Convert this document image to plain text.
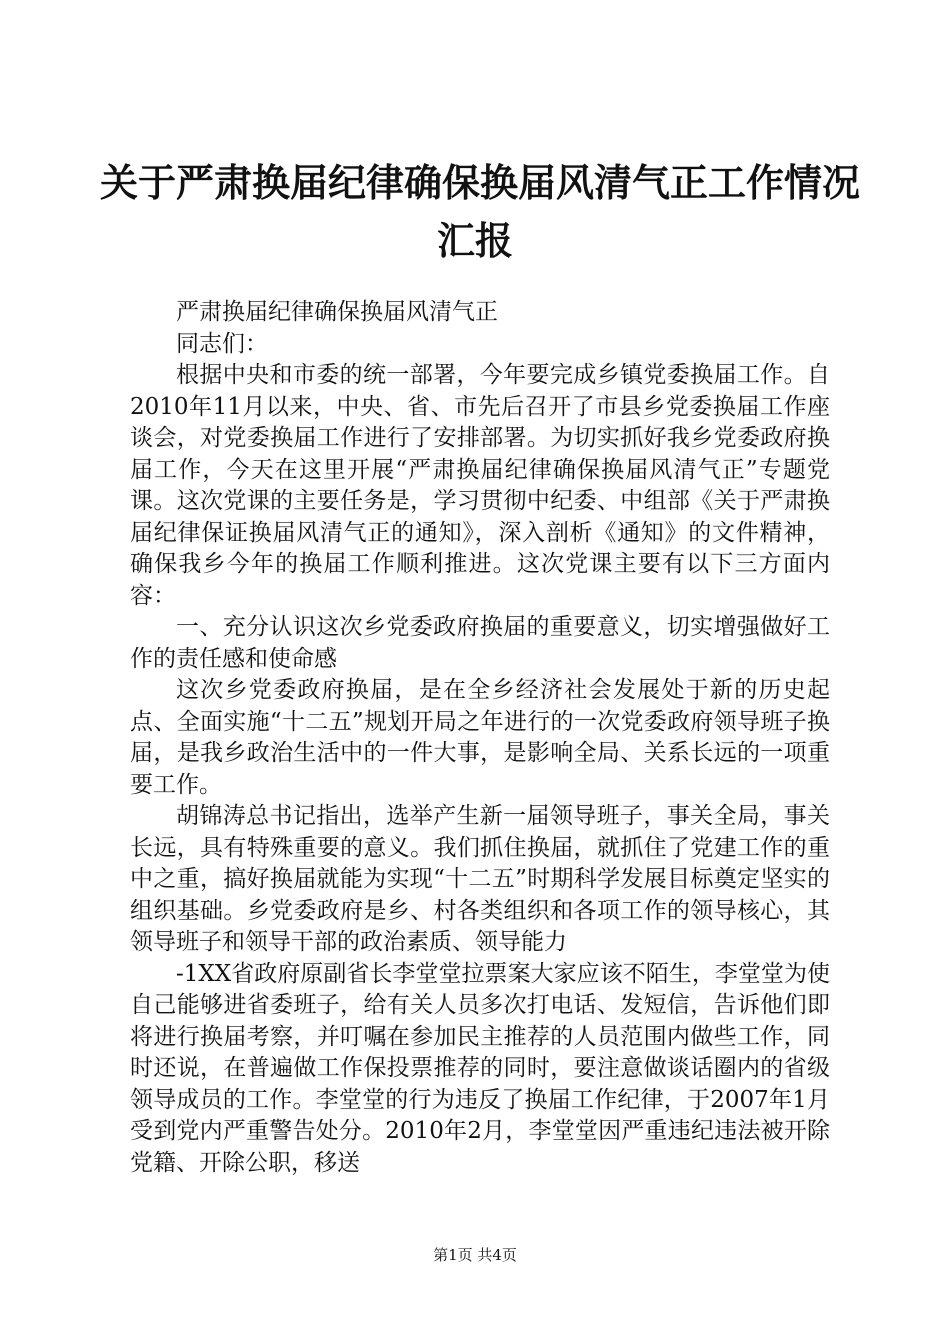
关于严肃换届纪律确保换届风清气正工作情况
汇报

严肃换届纪律确保换届风清气正

同志们：

根据中央和市委的统一部署，今年要完成乡镇党委换届工作。自2010年11月以来，中央、省、市先后召开了市县乡党委换届工作座谈会，对党委换届工作进行了安排部署。为切实抓好我乡党委政府换届工作，今天在这里开展“严肃换届纪律确保换届风清气正”专题党课。这次党课的主要任务是，学习贯彻中纪委、中组部《关于严肃换届纪律保证换届风清气正的通知》，深入剖析《通知》的文件精神，确保我乡今年的换届工作顺利推进。这次党课主要有以下三方面内容：

一、充分认识这次乡党委政府换届的重要意义，切实增强做好工作的责任感和使命感

这次乡党委政府换届，是在全乡经济社会发展处于新的历史起点、全面实施“十二五”规划开局之年进行的一次党委政府领导班子换届，是我乡政治生活中的一件大事，是影响全局、关系长远的一项重要工作。

胡锦涛总书记指出，选举产生新一届领导班子，事关全局，事关长远，具有特殊重要的意义。我们抓住换届，就抓住了党建工作的重中之重，搞好换届就能为实现“十二五”时期科学发展目标奠定坚实的组织基础。乡党委政府是乡、村各类组织和各项工作的领导核心，其领导班子和领导干部的政治素质、领导能力

-1XX省政府原副省长李堂堂拉票案大家应该不陌生，李堂堂为使自己能够进省委班子，给有关人员多次打电话、发短信，告诉他们即将进行换届考察，并叮嘱在参加民主推荐的人员范围内做些工作，同时还说，在普遍做工作保投票推荐的同时，要注意做谈话圈内的省级领导成员的工作。李堂堂的行为违反了换届工作纪律，于2007年1月受到党内严重警告处分。2010年2月，李堂堂因严重违纪违法被开除党籍、开除公职，移送

第1页 共4页
